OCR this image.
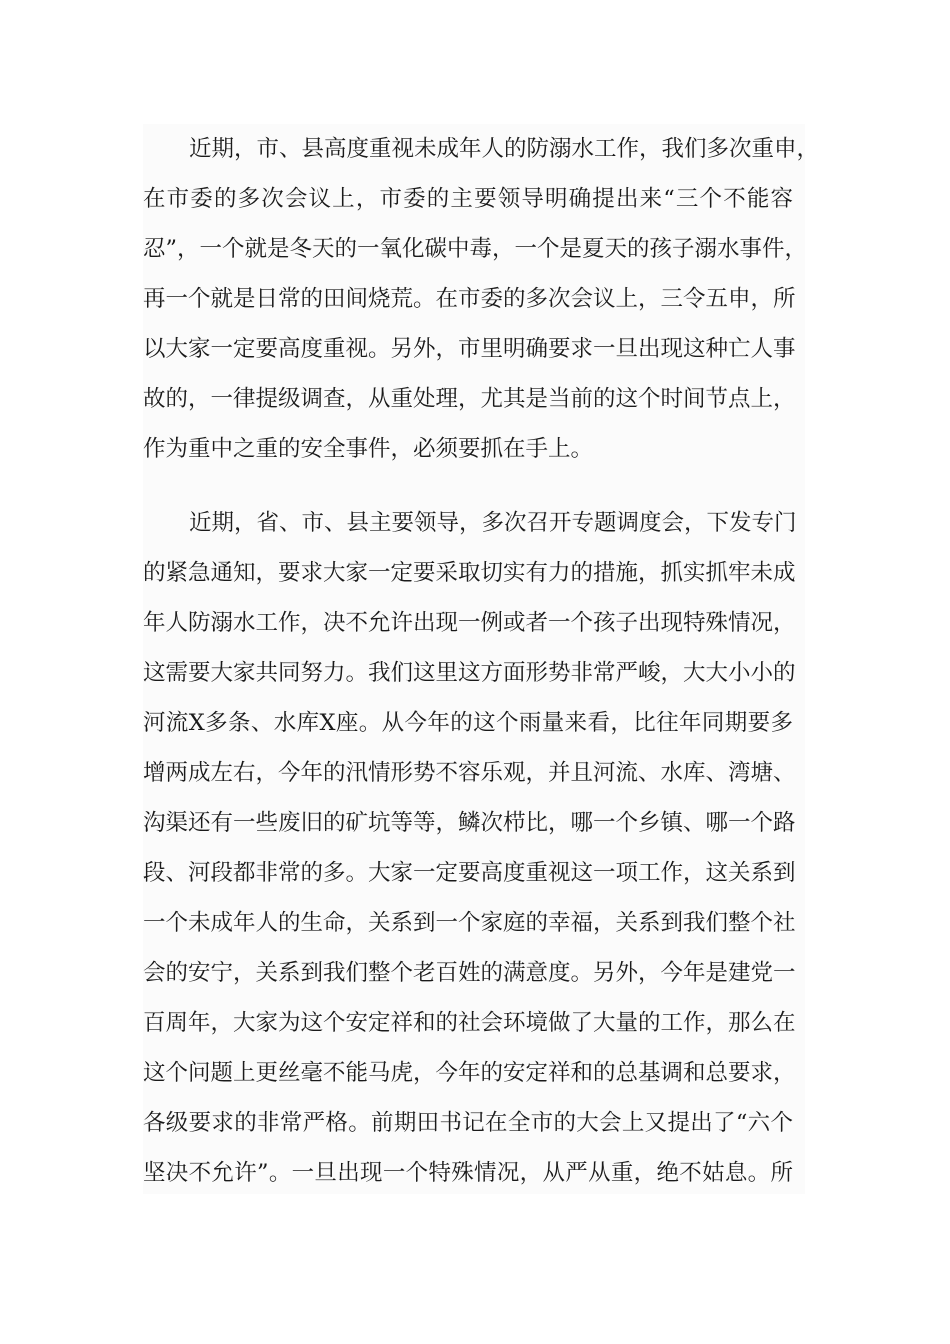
近期，市、县高度重视未成年人的防溺水工作，我们多次重申，
在市委的多次会议上，市委的主要领导明确提出来“三个不能容
忍”，一个就是冬天的一氧化碳中毒，一个是夏天的孩子溺水事件，
再一个就是日常的田间烧荒。在市委的多次会议上，三令五申，所
以大家一定要高度重视。另外，市里明确要求一旦出现这种亡人事
故的，一律提级调查，从重处理，尤其是当前的这个时间节点上，
作为重中之重的安全事件，必须要抓在手上。
近期，省、市、县主要领导，多次召开专题调度会，下发专门
的紧急通知，要求大家一定要采取切实有力的措施，抓实抓牢未成
年人防溺水工作，决不允许出现一例或者一个孩子出现特殊情况，
这需要大家共同努力。我们这里这方面形势非常严峻，大大小小的
河流X多条、水库X座。从今年的这个雨量来看，比往年同期要多
增两成左右，今年的汛情形势不容乐观，并且河流、水库、湾塘、
沟渠还有一些废旧的矿坑等等，鳞次栉比，哪一个乡镇、哪一个路
段、河段都非常的多。大家一定要高度重视这一项工作，这关系到
一个未成年人的生命，关系到一个家庭的幸福，关系到我们整个社
会的安宁，关系到我们整个老百姓的满意度。另外，今年是建党一
百周年，大家为这个安定祥和的社会环境做了大量的工作，那么在
这个问题上更丝毫不能马虎，今年的安定祥和的总基调和总要求，
各级要求的非常严格。前期田书记在全市的大会上又提出了“六个
坚决不允许”。一旦出现一个特殊情况，从严从重，绝不姑息。所
